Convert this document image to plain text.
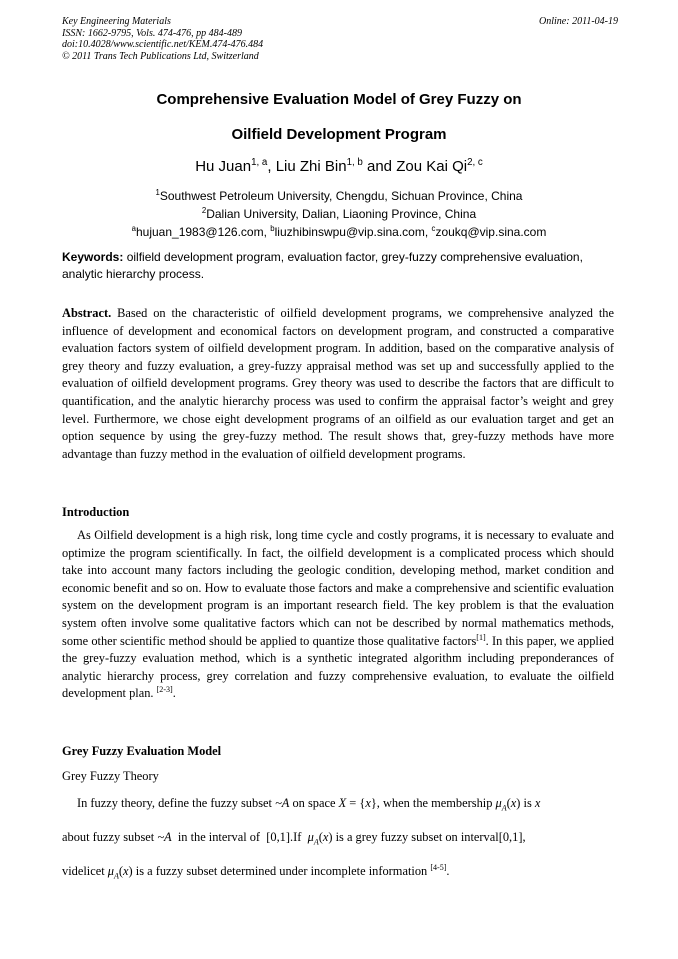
Key Engineering Materials
ISSN: 1662-9795, Vols. 474-476, pp 484-489
doi:10.4028/www.scientific.net/KEM.474-476.484
© 2011 Trans Tech Publications Ltd, Switzerland
Online: 2011-04-19
Comprehensive Evaluation Model of Grey Fuzzy on
Oilfield Development Program
Hu Juan$^{1, a}$, Liu Zhi Bin$^{1, b}$ and Zou Kai Qi$^{2, c}$
$^1$Southwest Petroleum University, Chengdu, Sichuan Province, China
$^2$Dalian University, Dalian, Liaoning Province, China
$^a$hujuan_1983@126.com, $^b$liuzhibinswpu@vip.sina.com, $^c$zoukq@vip.sina.com
Keywords: oilfield development program, evaluation factor, grey-fuzzy comprehensive evaluation, analytic hierarchy process.
Abstract. Based on the characteristic of oilfield development programs, we comprehensive analyzed the influence of development and economical factors on development program, and constructed a comparative evaluation factors system of oilfield development program. In addition, based on the comparative analysis of grey theory and fuzzy evaluation, a grey-fuzzy appraisal method was set up and successfully applied to the evaluation of oilfield development programs. Grey theory was used to describe the factors that are difficult to quantification, and the analytic hierarchy process was used to confirm the appraisal factor’s weight and grey level. Furthermore, we chose eight development programs of an oilfield as our evaluation target and get an option sequence by using the grey-fuzzy method. The result shows that, grey-fuzzy methods have more advantage than fuzzy method in the evaluation of oilfield development programs.
Introduction
As Oilfield development is a high risk, long time cycle and costly programs, it is necessary to evaluate and optimize the program scientifically. In fact, the oilfield development is a complicated process which should take into account many factors including the geologic condition, developing method, market condition and economic benefit and so on. How to evaluate those factors and make a comprehensive and scientific evaluation system on the development program is an important research field. The key problem is that the evaluation system often involve some qualitative factors which can not be described by normal mathematics methods, some other scientific method should be applied to quantize those qualitative factors[1]. In this paper, we applied the grey-fuzzy evaluation method, which is a synthetic integrated algorithm including preponderances of analytic hierarchy process, grey correlation and fuzzy comprehensive evaluation, to evaluate the oilfield development plan. [2-3].
Grey Fuzzy Evaluation Model
Grey Fuzzy Theory
In fuzzy theory, define the fuzzy subset ~A on space X = {x}, when the membership $\mu_A(x)$ is x
about fuzzy subset ~A in the interval of  [0,1].If $\mu_A(x)$ is a grey fuzzy subset on interval[0,1],
videlicet $\mu_A(x)$ is a fuzzy subset determined under incomplete information [4-5].
